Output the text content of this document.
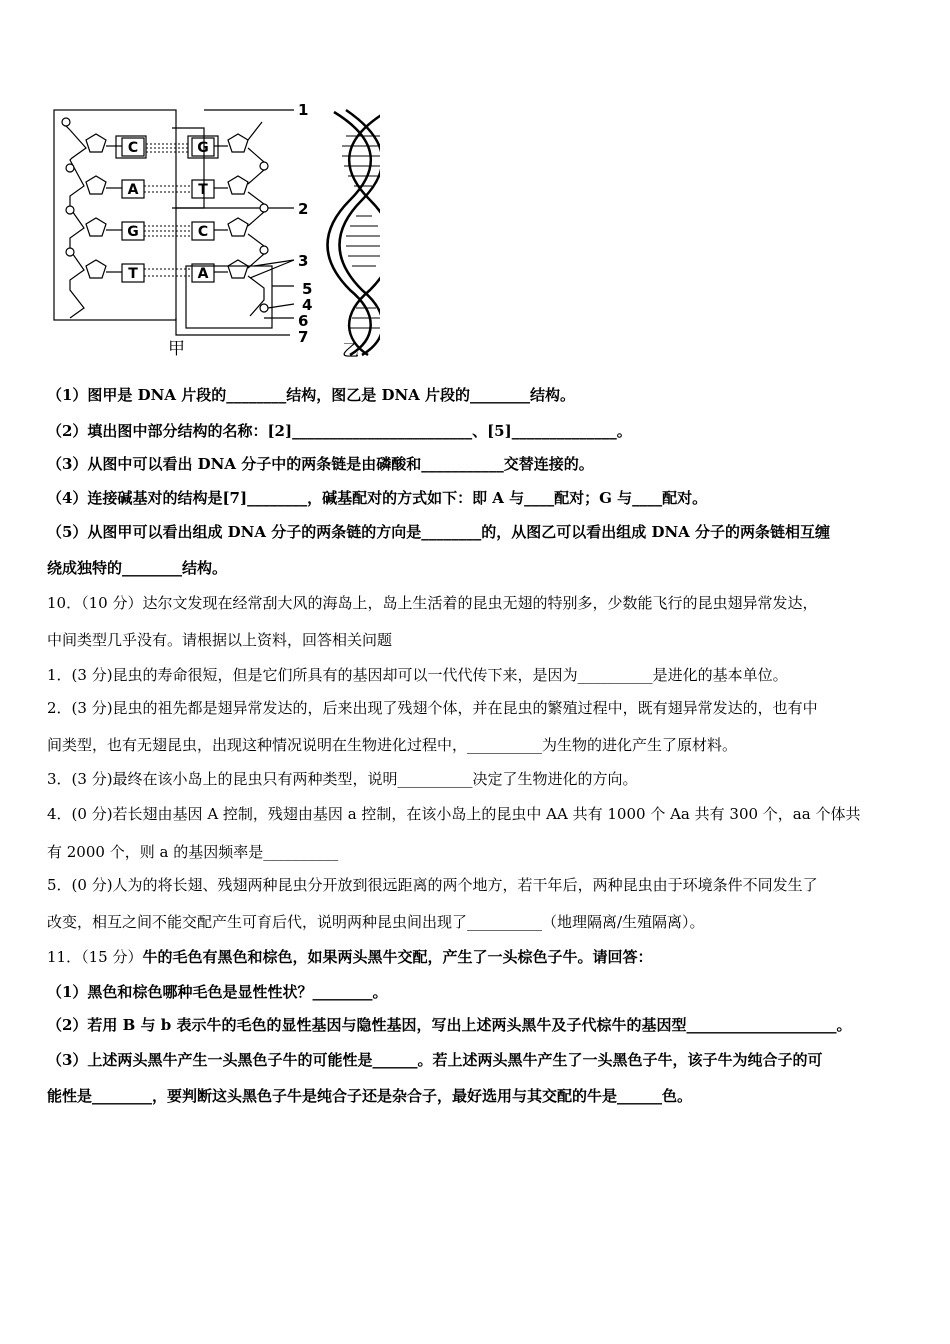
C
A
G
T
G
T
C
A
1
2
3
5
4
6
7
甲	乙
（1）图甲是 DNA 片段的________结构，图乙是 DNA 片段的________结构。
（2）填出图中部分结构的名称：[2]________________________、[5]______________。
（3）从图中可以看出 DNA 分子中的两条链是由磷酸和___________交替连接的。
（4）连接碱基对的结构是[7]________，碱基配对的方式如下：即 A 与____配对；G 与____配对。
（5）从图甲可以看出组成 DNA 分子的两条链的方向是________的，从图乙可以看出组成 DNA 分子的两条链相互缠
绕成独特的________结构。
10．（10 分）达尔文发现在经常刮大风的海岛上，岛上生活着的昆虫无翅的特别多，少数能飞行的昆虫翅异常发达，
中间类型几乎没有。请根据以上资料，回答相关问题
1．(3 分)昆虫的寿命很短，但是它们所具有的基因却可以一代代传下来，是因为__________是进化的基本单位。
2．(3 分)昆虫的祖先都是翅异常发达的，后来出现了残翅个体，并在昆虫的繁殖过程中，既有翅异常发达的，也有中
间类型，也有无翅昆虫，出现这种情况说明在生物进化过程中，__________为生物的进化产生了原材料。
3．(3 分)最终在该小岛上的昆虫只有两种类型，说明__________决定了生物进化的方向。
4．(0 分)若长翅由基因 A 控制，残翅由基因 a 控制，在该小岛上的昆虫中 AA 共有 1000 个 Aa 共有 300 个，aa 个体共
有 2000 个，则 a 的基因频率是__________
5．(0 分)人为的将长翅、残翅两种昆虫分开放到很远距离的两个地方，若干年后，两种昆虫由于环境条件不同发生了
改变，相互之间不能交配产生可育后代，说明两种昆虫间出现了__________（地理隔离/生殖隔离）。
11．（15 分）牛的毛色有黑色和棕色，如果两头黑牛交配，产生了一头棕色子牛。请回答：
（1）黑色和棕色哪种毛色是显性性状？________。
（2）若用 B 与 b 表示牛的毛色的显性基因与隐性基因，写出上述两头黑牛及子代棕牛的基因型____________________。
（3）上述两头黑牛产生一头黑色子牛的可能性是______。若上述两头黑牛产生了一头黑色子牛，该子牛为纯合子的可
能性是________，要判断这头黑色子牛是纯合子还是杂合子，最好选用与其交配的牛是______色。
